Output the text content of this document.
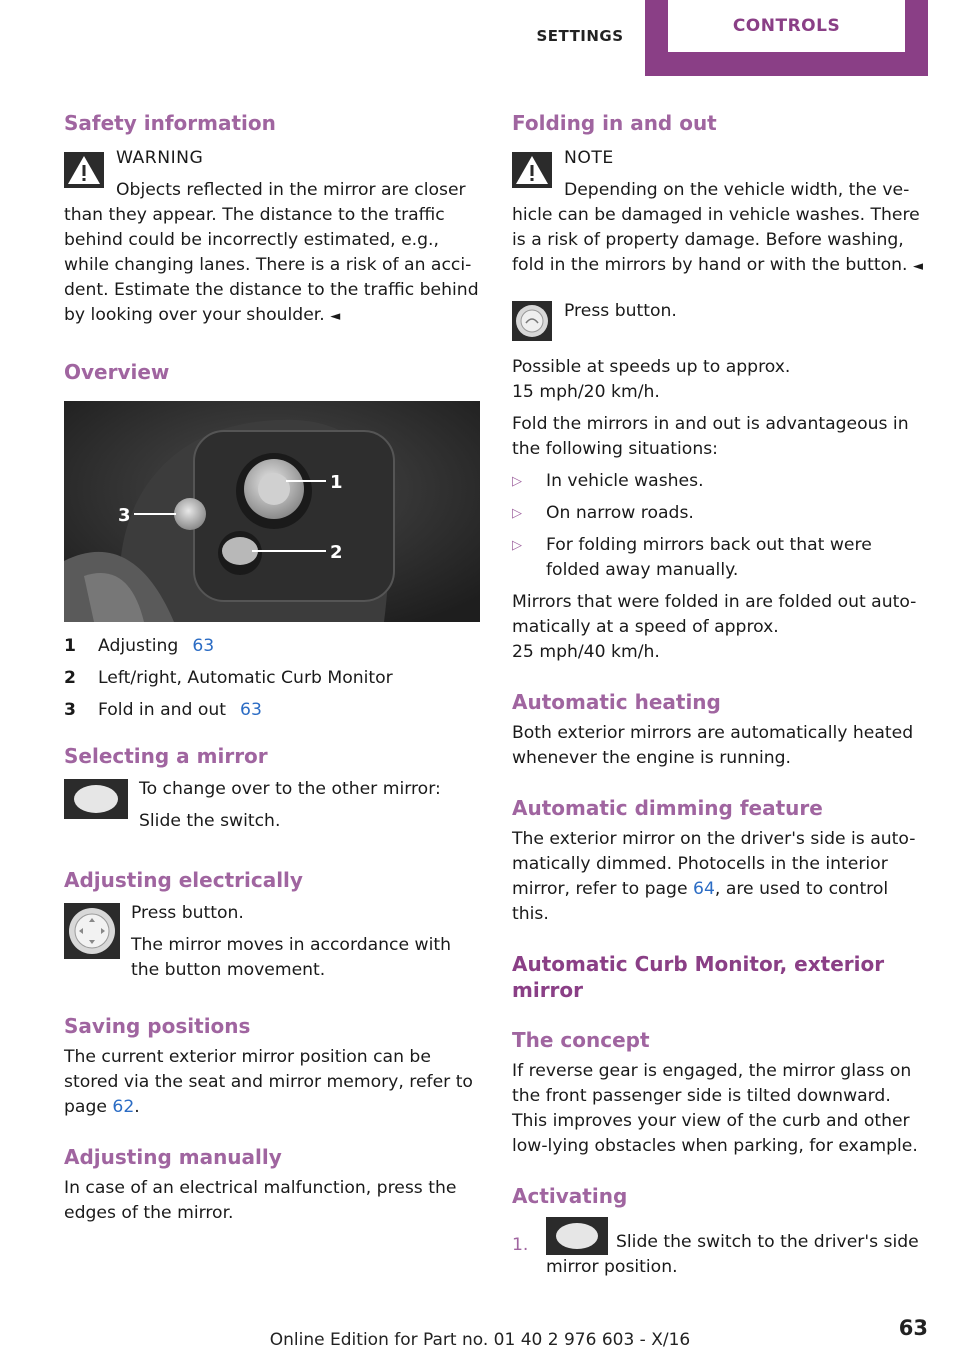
SETTINGS	CONTROLS
Safety information
WARNING
Objects reflected in the mirror are closer
than they appear. The distance to the traffic behind could be incorrectly estimated, e.g., while changing lanes. There is a risk of an acci-dent. Estimate the distance to the traffic behind by looking over your shoulder. ◄
Overview
1
2
3
1	Adjusting 63
2	Left/right, Automatic Curb Monitor
3	Fold in and out 63
Selecting a mirror
To change over to the other mirror:
Slide the switch.
Adjusting electrically
Press button.
The mirror moves in accordance with the button movement.
Saving positions
The current exterior mirror position can be stored via the seat and mirror memory, refer to page 62.
Adjusting manually
In case of an electrical malfunction, press the edges of the mirror.
Folding in and out
NOTE
Depending on the vehicle width, the ve-
hicle can be damaged in vehicle washes. There is a risk of property damage. Before washing, fold in the mirrors by hand or with the button. ◄
Press button.
Possible at speeds up to approx.
15 mph/20 km/h.
Fold the mirrors in and out is advantageous in the following situations:
▷ In vehicle washes.
▷ On narrow roads.
▷ For folding mirrors back out that were folded away manually.
Mirrors that were folded in are folded out auto-matically at a speed of approx.
25 mph/40 km/h.
Automatic heating
Both exterior mirrors are automatically heated whenever the engine is running.
Automatic dimming feature
The exterior mirror on the driver's side is auto-matically dimmed. Photocells in the interior mirror, refer to page 64, are used to control this.
Automatic Curb Monitor, exterior mirror
The concept
If reverse gear is engaged, the mirror glass on the front passenger side is tilted downward. This improves your view of the curb and other low-lying obstacles when parking, for example.
Activating
1.	Slide the switch to the driver's side mirror position.
Online Edition for Part no. 01 40 2 976 603 - X/16	63
